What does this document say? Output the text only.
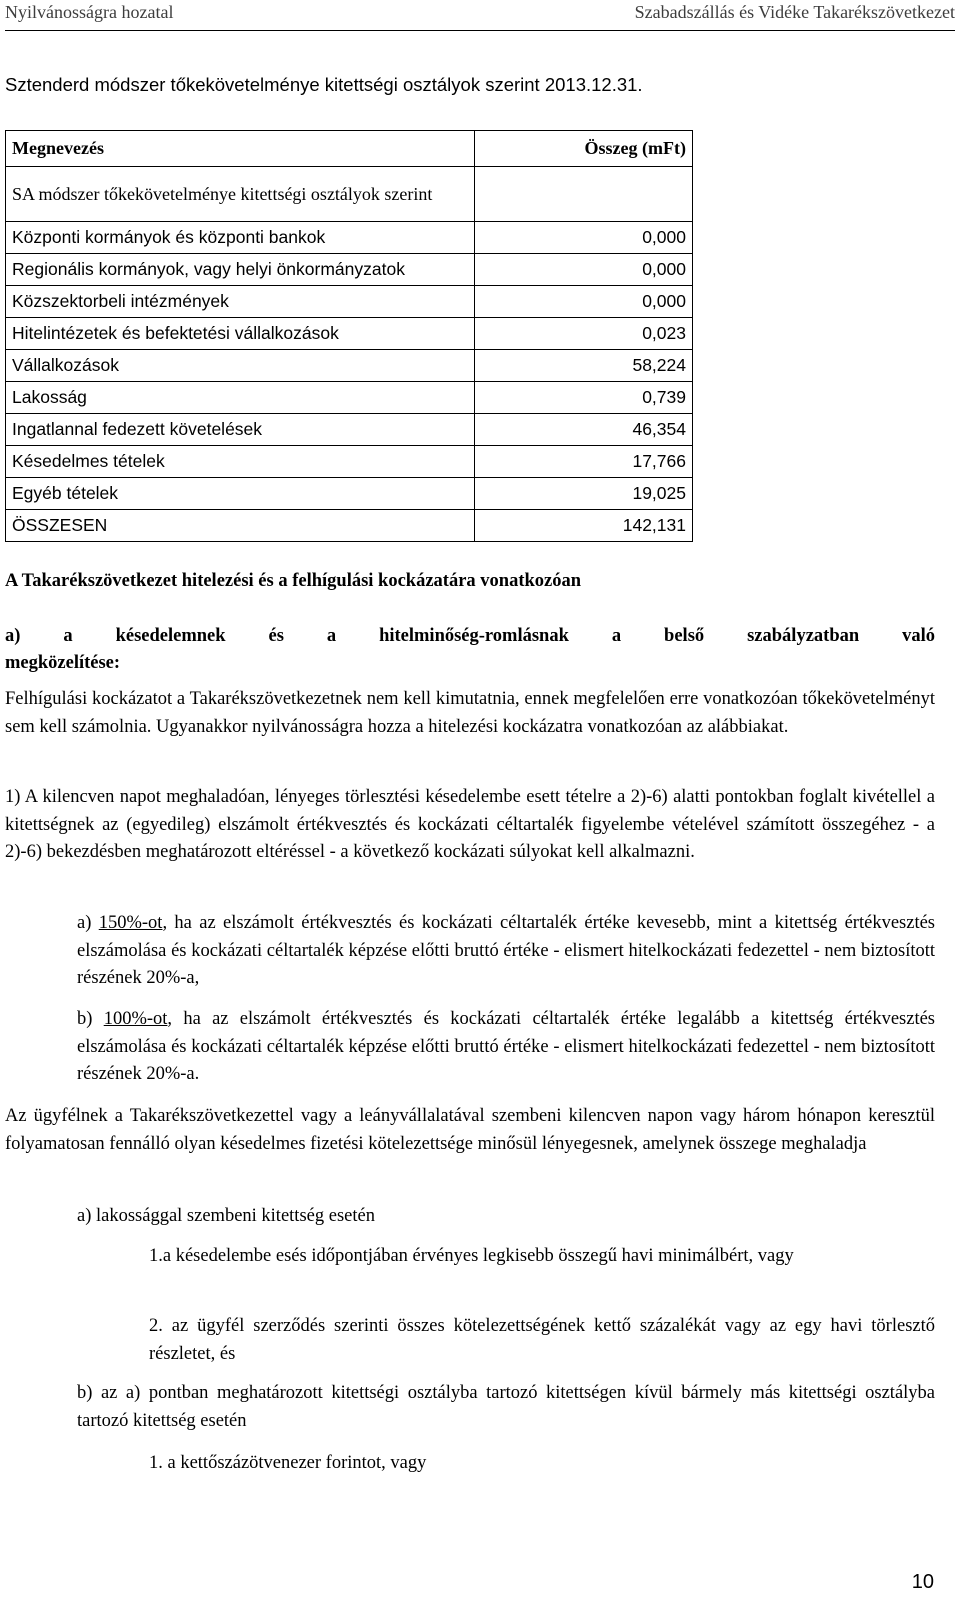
Nyilvánosságra hozatal	Szabadszállás és Vidéke Takarékszövetkezet
Sztenderd módszer tőkekövetelménye kitettségi osztályok szerint 2013.12.31.
Megnevezés	Összeg (mFt)
SA módszer tőkekövetelménye kitettségi osztályok szerint	
Központi kormányok és központi bankok	0,000
Regionális kormányok, vagy helyi önkormányzatok	0,000
Közszektorbeli intézmények	0,000
Hitelintézetek és befektetési vállalkozások	0,023
Vállalkozások	58,224
Lakosság	0,739
Ingatlannal fedezett követelések	46,354
Késedelmes tételek	17,766
Egyéb tételek	19,025
ÖSSZESEN	142,131
A Takarékszövetkezet hitelezési és a felhígulási kockázatára vonatkozóan
a) a késedelemnek és a hitelminőség-romlásnak a belső szabályzatban való

megközelítése:

Felhígulási kockázatot a Takarékszövetkezetnek nem kell kimutatnia, ennek megfelelően erre vonatkozóan tőkekövetelményt sem kell számolnia. Ugyanakkor nyilvánosságra hozza a hitelezési kockázatra vonatkozóan az alábbiakat.

1) A kilencven napot meghaladóan, lényeges törlesztési késedelembe esett tételre a 2)-6) alatti pontokban foglalt kivétellel a kitettségnek az (egyedileg) elszámolt értékvesztés és kockázati céltartalék figyelembe vételével számított összegéhez - a 2)-6) bekezdésben meghatározott eltéréssel - a következő kockázati súlyokat kell alkalmazni.

a) 150%-ot, ha az elszámolt értékvesztés és kockázati céltartalék értéke kevesebb, mint a kitettség értékvesztés elszámolása és kockázati céltartalék képzése előtti bruttó értéke - elismert hitelkockázati fedezettel - nem biztosított részének 20%-a,

b) 100%-ot, ha az elszámolt értékvesztés és kockázati céltartalék értéke legalább a kitettség értékvesztés elszámolása és kockázati céltartalék képzése előtti bruttó értéke - elismert hitelkockázati fedezettel - nem biztosított részének 20%-a.

Az ügyfélnek a Takarékszövetkezettel vagy a leányvállalatával szembeni kilencven napon vagy három hónapon keresztül folyamatosan fennálló olyan késedelmes fizetési kötelezettsége minősül lényegesnek, amelynek összege meghaladja

a) lakossággal szembeni kitettség esetén

1.a késedelembe esés időpontjában érvényes legkisebb összegű havi minimálbért, vagy

2. az ügyfél szerződés szerinti összes kötelezettségének kettő százalékát vagy az egy havi törlesztő részletet, és

b) az a) pontban meghatározott kitettségi osztályba tartozó kitettségen kívül bármely más kitettségi osztályba tartozó kitettség esetén

1. a kettőszázötvenezer forintot, vagy

10
